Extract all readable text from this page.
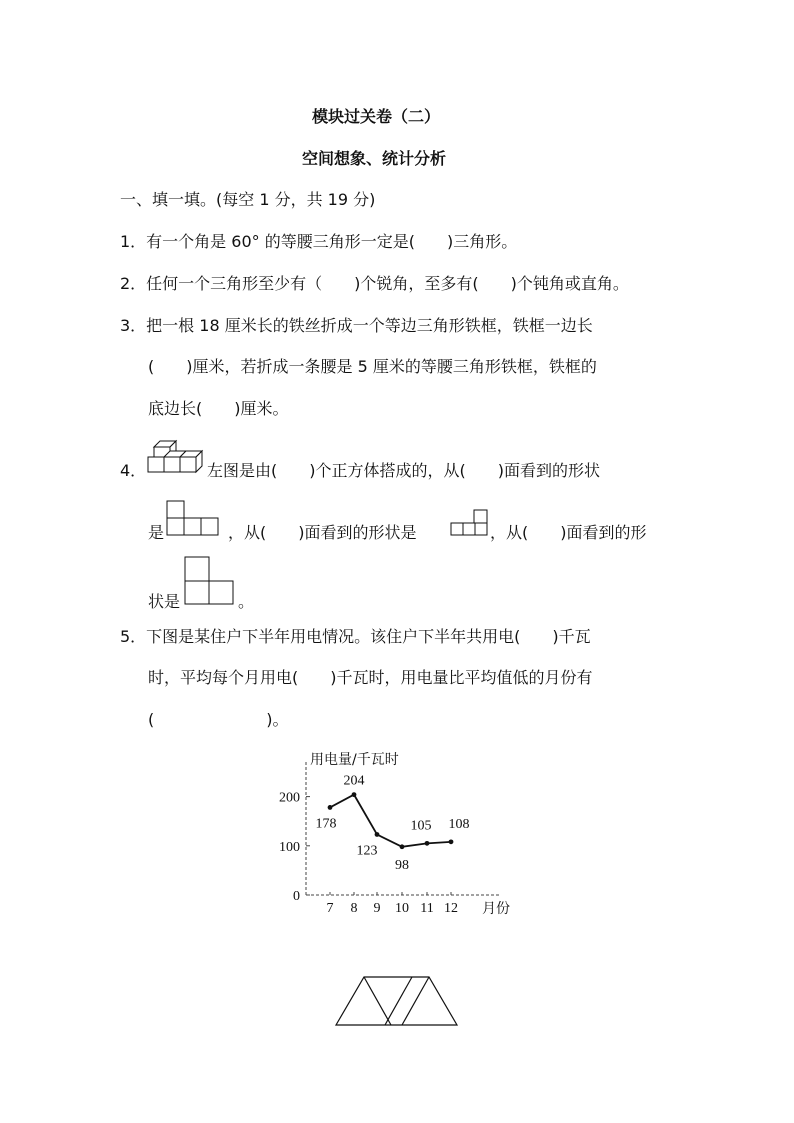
模块过关卷（二）
空间想象、统计分析
一、填一填。(每空 1 分，共 19 分)
1．有一个角是 60° 的等腰三角形一定是(　　)三角形。
2．任何一个三角形至少有（　　)个锐角，至多有(　　)个钝角或直角。
3．把一根 18 厘米长的铁丝折成一个等边三角形铁框，铁框一边长
(　　)厘米，若折成一条腰是 5 厘米的等腰三角形铁框，铁框的
底边长(　　)厘米。
4．	左图是由(　　)个正方体搭成的，从(　　)面看到的形状
是	，从(　　)面看到的形状是	，从(　　)面看到的形
状是	。
5．下图是某住户下半年用电情况。该住户下半年共用电(　　)千瓦
时，平均每个月用电(　　)千瓦时，用电量比平均值低的月份有
(　　　　　　　)。
用电量/千瓦时
0
100
200
7 8 9 10 11 12 月份
178
204
123
98
105 108
